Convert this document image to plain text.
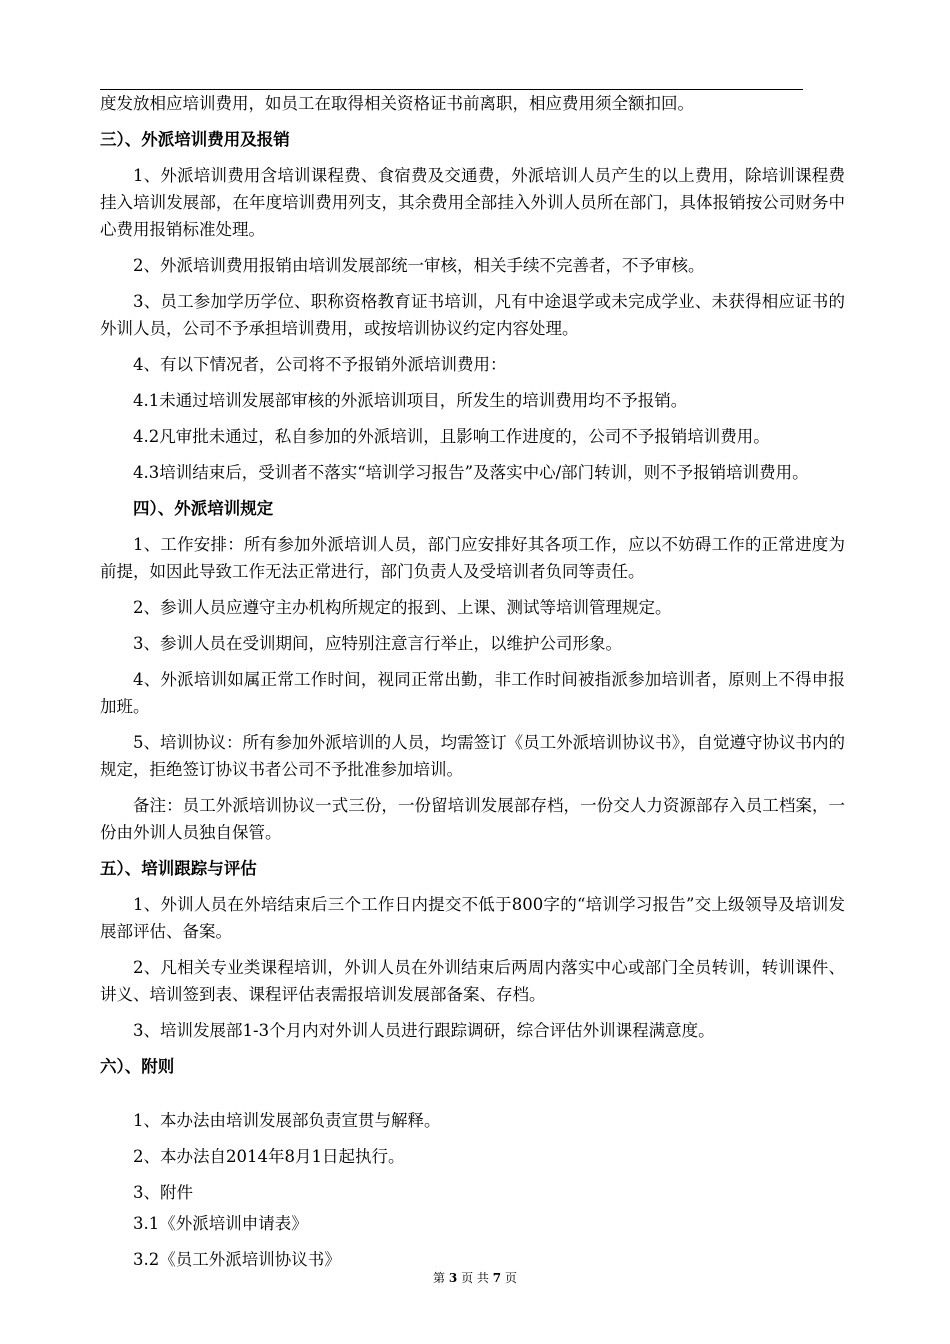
度发放相应培训费用，如员工在取得相关资格证书前离职，相应费用须全额扣回。

三）、外派培训费用及报销

1、外派培训费用含培训课程费、食宿费及交通费，外派培训人员产生的以上费用，除培训课程费挂入培训发展部，在年度培训费用列支，其余费用全部挂入外训人员所在部门，具体报销按公司财务中心费用报销标准处理。

2、外派培训费用报销由培训发展部统一审核，相关手续不完善者，不予审核。

3、员工参加学历学位、职称资格教育证书培训，凡有中途退学或未完成学业、未获得相应证书的外训人员，公司不予承担培训费用，或按培训协议约定内容处理。

4、有以下情况者，公司将不予报销外派培训费用：

4.1未通过培训发展部审核的外派培训项目，所发生的培训费用均不予报销。

4.2凡审批未通过，私自参加的外派培训，且影响工作进度的，公司不予报销培训费用。

4.3培训结束后，受训者不落实“培训学习报告”及落实中心/部门转训，则不予报销培训费用。

四）、外派培训规定

1、工作安排：所有参加外派培训人员，部门应安排好其各项工作，应以不妨碍工作的正常进度为前提，如因此导致工作无法正常进行，部门负责人及受培训者负同等责任。

2、参训人员应遵守主办机构所规定的报到、上课、测试等培训管理规定。

3、参训人员在受训期间，应特别注意言行举止，以维护公司形象。

4、外派培训如属正常工作时间，视同正常出勤，非工作时间被指派参加培训者，原则上不得申报加班。

5、培训协议：所有参加外派培训的人员，均需签订《员工外派培训协议书》，自觉遵守协议书内的规定，拒绝签订协议书者公司不予批准参加培训。

备注：员工外派培训协议一式三份，一份留培训发展部存档，一份交人力资源部存入员工档案，一份由外训人员独自保管。

五）、培训跟踪与评估

1、外训人员在外培结束后三个工作日内提交不低于800字的“培训学习报告”交上级领导及培训发展部评估、备案。

2、凡相关专业类课程培训，外训人员在外训结束后两周内落实中心或部门全员转训，转训课件、讲义、培训签到表、课程评估表需报培训发展部备案、存档。

3、培训发展部1-3个月内对外训人员进行跟踪调研，综合评估外训课程满意度。

六）、附则

1、本办法由培训发展部负责宣贯与解释。

2、本办法自2014年8月1日起执行。

3、附件

3.1《外派培训申请表》

3.2《员工外派培训协议书》

第 3 页 共 7 页
